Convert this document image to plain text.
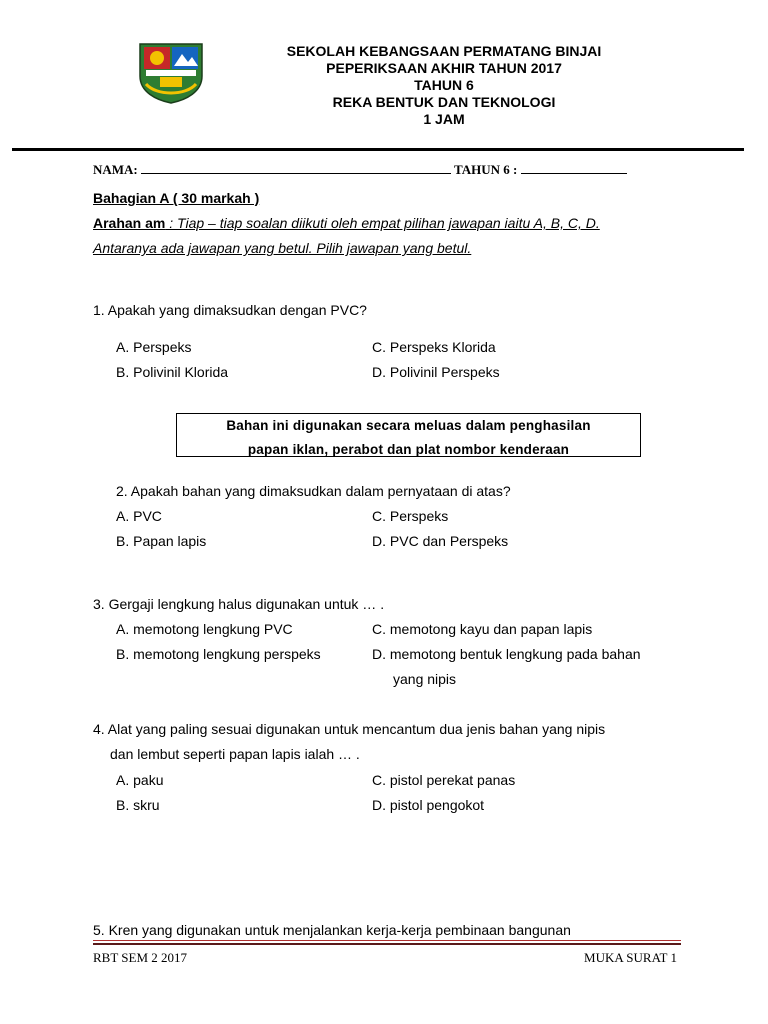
SEKOLAH KEBANGSAAN PERMATANG BINJAI
PEPERIKSAAN AKHIR TAHUN 2017
TAHUN 6
REKA BENTUK DAN TEKNOLOGI
1 JAM
NAMA:	TAHUN 6 :
Bahagian A ( 30 markah )
Arahan am : Tiap – tiap soalan diikuti oleh empat pilihan jawapan iaitu A, B, C, D.
Antaranya ada jawapan yang betul. Pilih jawapan yang betul.
1. Apakah yang dimaksudkan dengan PVC?
A. Perspeks	C. Perspeks Klorida
B. Polivinil Klorida	D. Polivinil Perspeks
Bahan ini digunakan secara meluas dalam penghasilan
papan iklan, perabot dan plat nombor kenderaan
2. Apakah bahan yang dimaksudkan dalam pernyataan di atas?
A. PVC	C. Perspeks
B. Papan lapis	D. PVC dan Perspeks
3. Gergaji lengkung halus digunakan untuk … .
A. memotong lengkung PVC	C. memotong kayu dan papan lapis
B. memotong lengkung perspeks	D. memotong bentuk lengkung pada bahan
yang nipis
4. Alat yang paling sesuai digunakan untuk mencantum dua jenis bahan yang nipis
dan lembut seperti papan lapis ialah … .
A. paku	C. pistol perekat panas
B. skru	D. pistol pengokot
5. Kren yang digunakan untuk menjalankan kerja-kerja pembinaan bangunan
RBT SEM 2 2017	MUKA SURAT 1
